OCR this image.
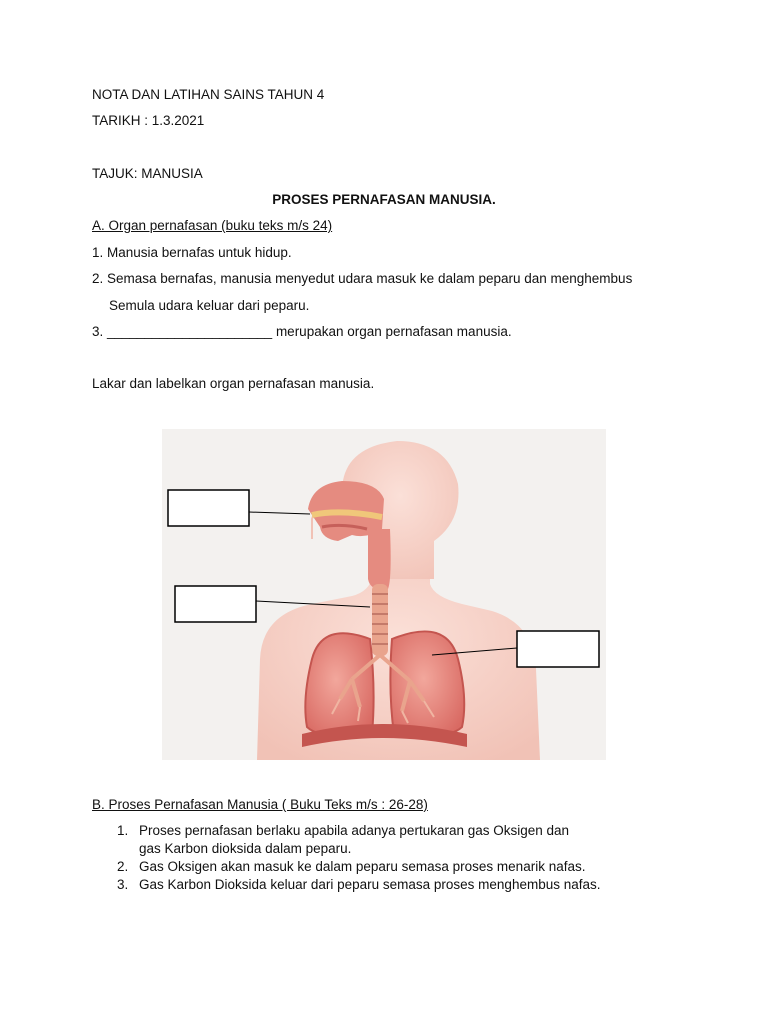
NOTA DAN LATIHAN SAINS TAHUN 4
TARIKH : 1.3.2021
TAJUK: MANUSIA
PROSES PERNAFASAN MANUSIA.
A. Organ pernafasan (buku teks m/s 24)
1. Manusia bernafas untuk hidup.
2. Semasa bernafas, manusia menyedut udara masuk ke dalam peparu dan menghembus
Semula udara keluar dari peparu.
3. ______________________ merupakan organ pernafasan manusia.
Lakar dan labelkan organ pernafasan manusia.
B. Proses Pernafasan Manusia ( Buku Teks m/s : 26-28)
1. Proses pernafasan berlaku apabila adanya pertukaran gas Oksigen dan
gas Karbon dioksida dalam peparu.
2. Gas Oksigen akan masuk ke dalam peparu semasa proses menarik nafas.
3. Gas Karbon Dioksida keluar dari peparu semasa proses menghembus nafas.
